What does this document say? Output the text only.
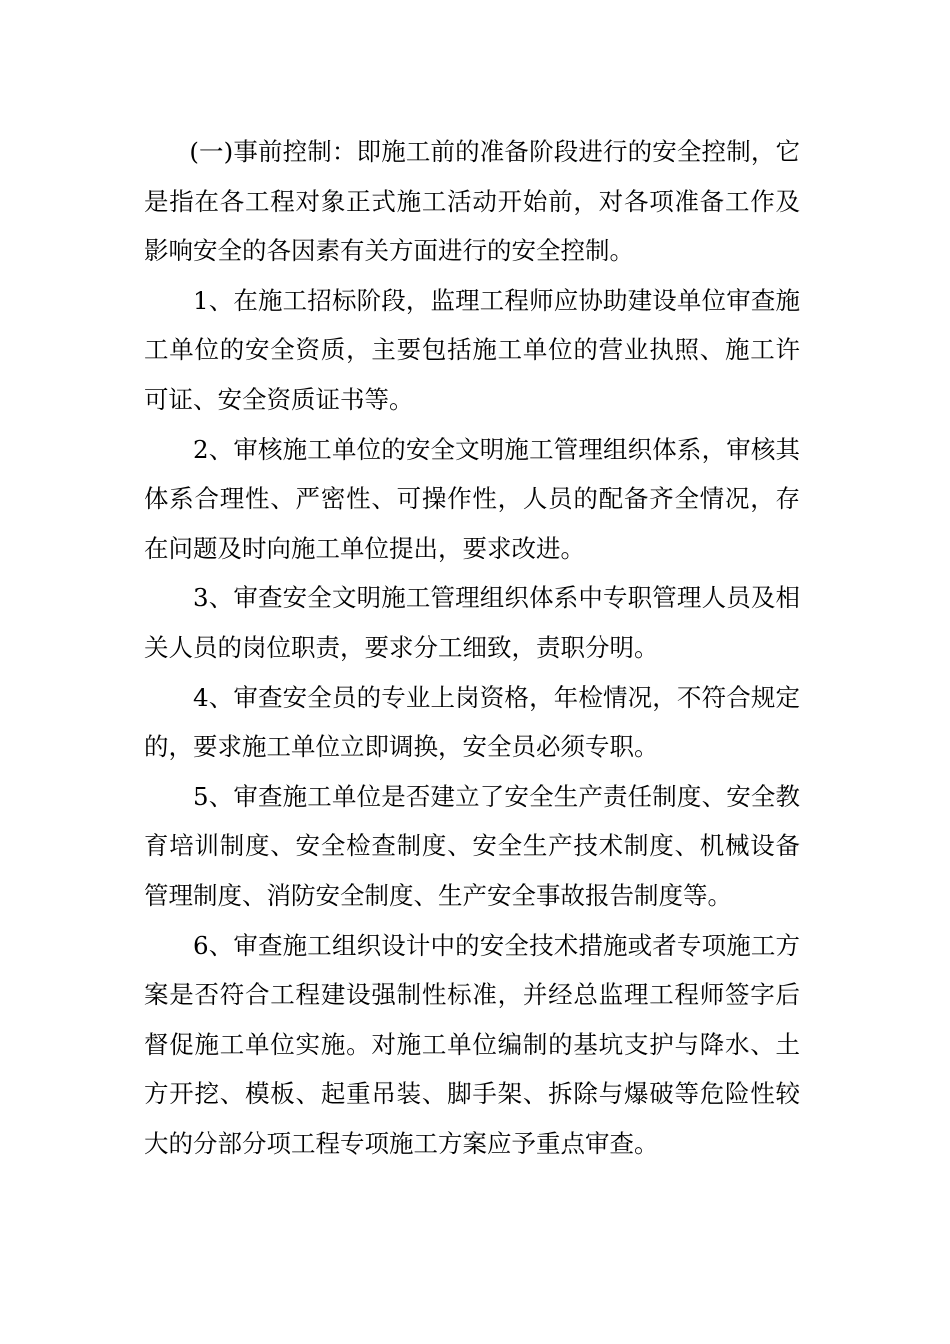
(一)事前控制：即施工前的准备阶段进行的安全控制，它是指在各工程对象正式施工活动开始前，对各项准备工作及影响安全的各因素有关方面进行的安全控制。

1、在施工招标阶段，监理工程师应协助建设单位审查施工单位的安全资质，主要包括施工单位的营业执照、施工许可证、安全资质证书等。

2、审核施工单位的安全文明施工管理组织体系，审核其体系合理性、严密性、可操作性，人员的配备齐全情况，存在问题及时向施工单位提出，要求改进。

3、审查安全文明施工管理组织体系中专职管理人员及相关人员的岗位职责，要求分工细致，责职分明。

4、审查安全员的专业上岗资格，年检情况，不符合规定的，要求施工单位立即调换，安全员必须专职。

5、审查施工单位是否建立了安全生产责任制度、安全教育培训制度、安全检查制度、安全生产技术制度、机械设备管理制度、消防安全制度、生产安全事故报告制度等。

6、审查施工组织设计中的安全技术措施或者专项施工方案是否符合工程建设强制性标准，并经总监理工程师签字后督促施工单位实施。对施工单位编制的基坑支护与降水、土方开挖、模板、起重吊装、脚手架、拆除与爆破等危险性较大的分部分项工程专项施工方案应予重点审查。
